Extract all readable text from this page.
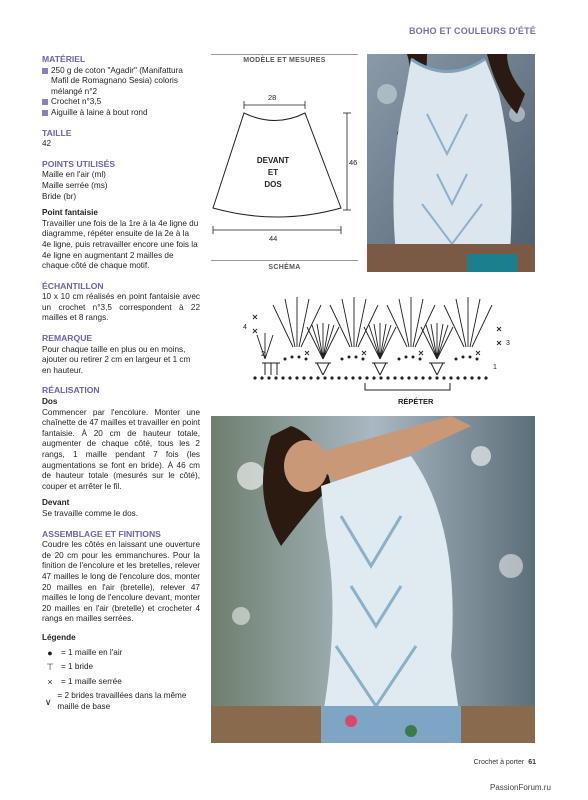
BOHO ET COULEURS D'ÉTÉ
MATÉRIEL
250 g de coton "Agadir" (Manifattura Mafil de Romagnano Sesia) coloris mélangé n°2
Crochet n°3,5
Aiguille à laine à bout rond
TAILLE
42
POINTS UTILISÉS
Maille en l'air (ml)
Maille serrée (ms)
Bride (br)
Point fantaisie
Travailler une fois de la 1re à la 4e ligne du diagramme, répéter ensuite de la 2e à la 4e ligne, puis retravailler encore une fois la 4e ligne en augmentant 2 mailles de chaque côté de chaque motif.
ÉCHANTILLON
10 x 10 cm réalisés en point fantaisie avec un crochet n°3,5 correspondent à 22 mailles et 8 rangs.
REMARQUE
Pour chaque taille en plus ou en moins, ajouter ou retirer 2 cm en largeur et 1 cm en hauteur.
RÉALISATION
Dos
Commencer par l'encolure. Monter une chaînette de 47 mailles et travailler en point fantaisie. À 20 cm de hauteur totale, augmenter de chaque côté, tous les 2 rangs, 1 maille pendant 7 fois (les augmentations se font en bride). À 46 cm de hauteur totale (mesurés sur le côté), couper et arrêter le fil.
Devant
Se travaille comme le dos.
ASSEMBLAGE ET FINITIONS
Coudre les côtés en laissant une ouverture de 20 cm pour les emmanchures. Pour la finition de l'encolure et les bretelles, relever 47 mailles le long de l'encolure dos, monter 20 mailles en l'air (bretelle), relever 47 mailles le long de l'encolure devant, monter 20 mailles en l'air (bretelle) et crocheter 4 rangs en mailles serrées.
Légende
●	= 1 maille en l'air
⊤ = 1 bride
×	= 1 maille serrée
∨
= 2 brides travaillées dans la même maille de base
MODÈLE ET MESURES
28
DEVANT
ET
DOS
46
44
SCHÉMA
4
3
2
1
RÉPÉTER
Crochet à porter 61
PassionForum.ru
